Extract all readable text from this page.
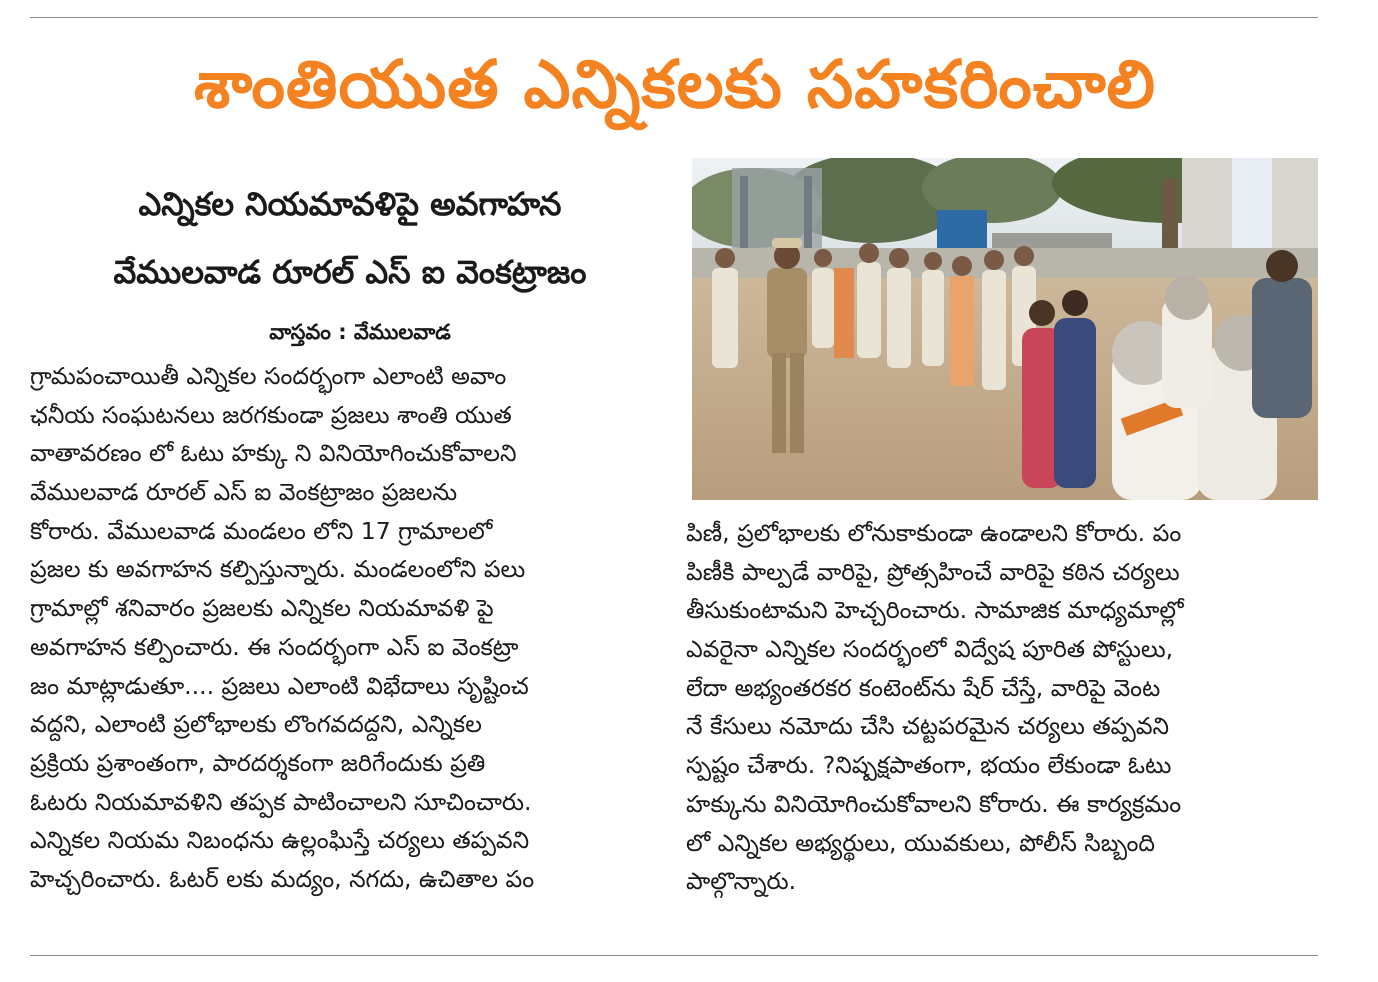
శాంతియుత ఎన్నికలకు సహకరించాలి
ఎన్నికల నియమావళిపై అవగాహన
వేములవాడ రూరల్ ఎస్ ఐ వెంకట్రాజం
వాస్తవం : వేములవాడ
గ్రామపంచాయితీ ఎన్నికల సందర్భంగా ఎలాంటి అవాం
ఛనీయ సంఘటనలు జరగకుండా ప్రజలు శాంతి యుత
వాతావరణం లో ఓటు హక్కు ని వినియోగించుకోవాలని
వేములవాడ రూరల్ ఎస్ ఐ వెంకట్రాజం ప్రజలను
కోరారు. వేములవాడ మండలం లోని 17 గ్రామాలలో
ప్రజల కు అవగాహన కల్పిస్తున్నారు. మండలంలోని పలు
గ్రామాల్లో శనివారం ప్రజలకు ఎన్నికల నియమావళి పై
అవగాహన కల్పించారు. ఈ సందర్భంగా ఎస్ ఐ వెంకట్రా
జం మాట్లాడుతూ.... ప్రజలు ఎలాంటి విభేదాలు సృష్టించ
వద్దని, ఎలాంటి ప్రలోభాలకు లొంగవదద్దని, ఎన్నికల
ప్రక్రియ ప్రశాంతంగా, పారదర్శకంగా జరిగేందుకు ప్రతి
ఓటరు నియమావళిని తప్పక పాటించాలని సూచించారు.
ఎన్నికల నియమ నిబంధను ఉల్లంఘిస్తే చర్యలు తప్పవని
హెచ్చరించారు. ఓటర్ లకు మద్యం, నగదు, ఉచితాల పం
పిణీ, ప్రలోభాలకు లోనుకాకుండా ఉండాలని కోరారు. పం
పిణీకి పాల్పడే వారిపై, ప్రోత్సహించే వారిపై కఠిన చర్యలు
తీసుకుంటామని హెచ్చరించారు. సామాజిక మాధ్యమాల్లో
ఎవరైనా ఎన్నికల సందర్భంలో విద్వేష పూరిత పోస్టులు,
లేదా అభ్యంతరకర కంటెంట్‌ను షేర్ చేస్తే, వారిపై వెంట
నే కేసులు నమోదు చేసి చట్టపరమైన చర్యలు తప్పవని
స్పష్టం చేశారు. ?నిష్పక్షపాతంగా, భయం లేకుండా ఓటు
హక్కును వినియోగించుకోవాలని కోరారు. ఈ కార్యక్రమం
లో ఎన్నికల అభ్యర్థులు, యువకులు, పోలీస్ సిబ్బంది
పాల్గొన్నారు.
